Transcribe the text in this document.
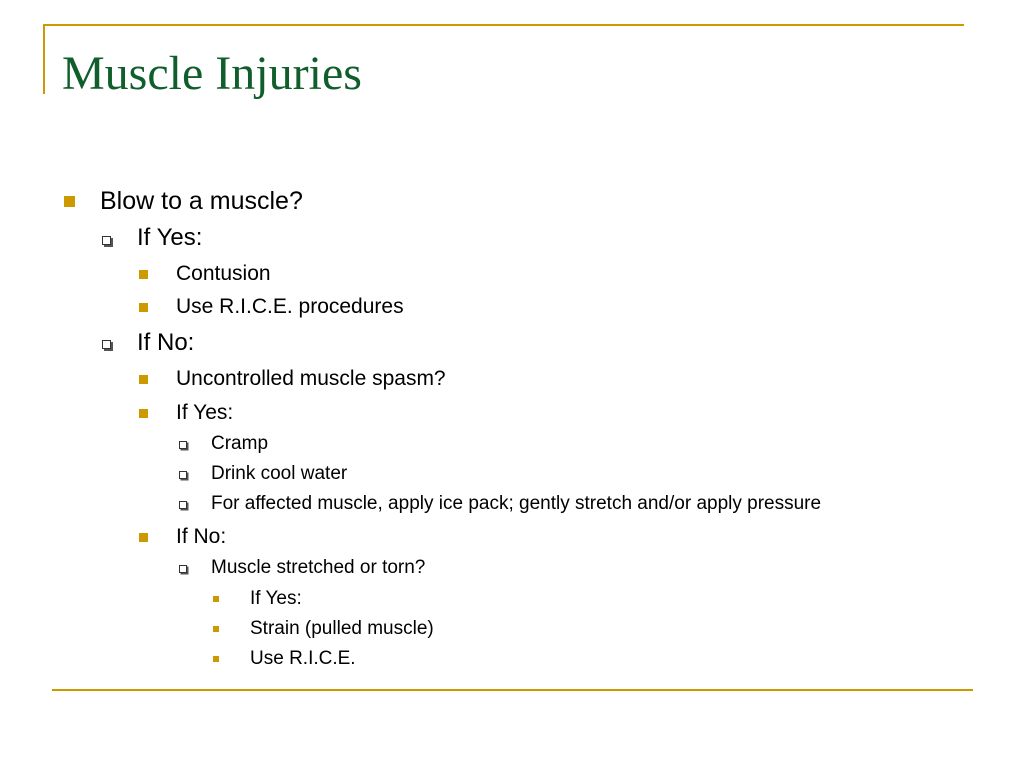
Muscle Injuries
Blow to a muscle?
If Yes:
Contusion
Use R.I.C.E. procedures
If No:
Uncontrolled muscle spasm?
If Yes:
Cramp
Drink cool water
For affected muscle, apply ice pack; gently stretch and/or apply pressure
If No:
Muscle stretched or torn?
If Yes:
Strain (pulled muscle)
Use R.I.C.E.
